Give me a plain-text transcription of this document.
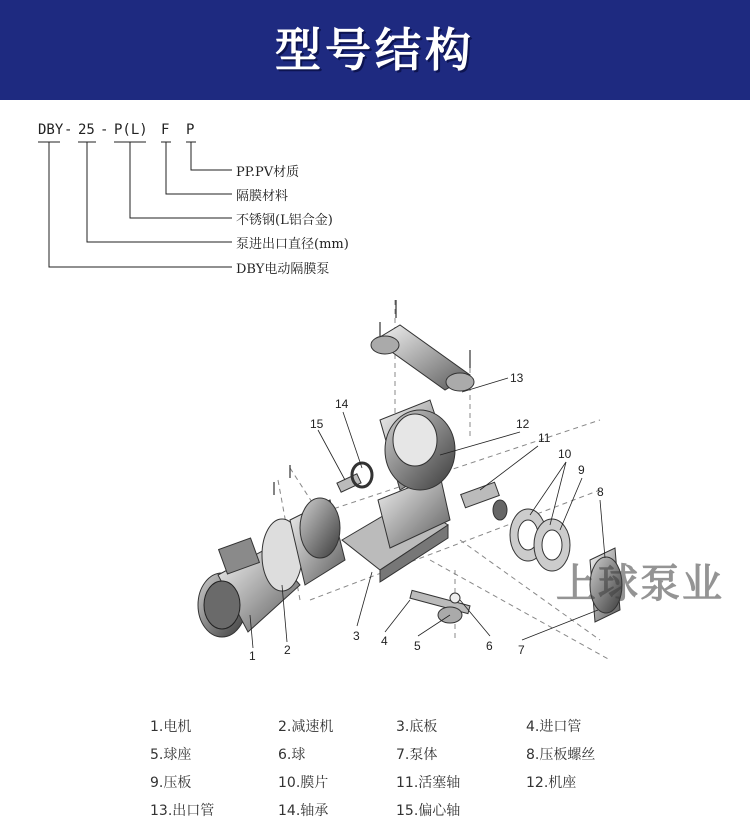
型号结构
DBY - 25 - P(L) F P
PP.PV材质
隔膜材料
不锈钢(L铝合金)
泵进出口直径(mm)
DBY电动隔膜泵
1 2
3 4 5	6 7
8
9
10
11
12
13
14
15
上球泵业
1.电机	2.减速机	3.底板	4.进口管
5.球座	6.球	7.泵体	8.压板螺丝
9.压板	10.膜片	11.活塞轴	12.机座
13.出口管	14.轴承	15.偏心轴
